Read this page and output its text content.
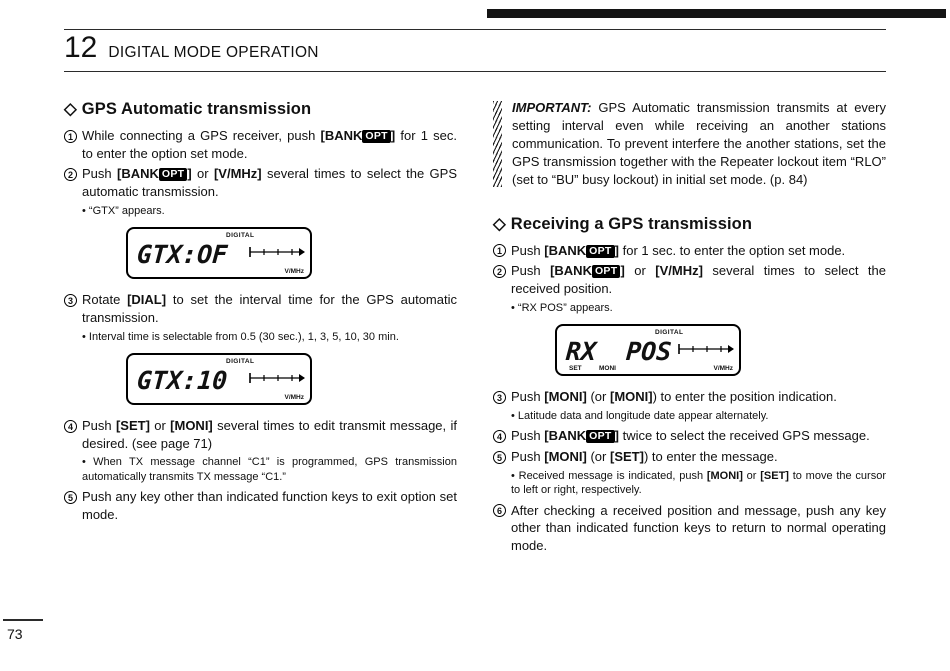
12 DIGITAL MODE OPERATION
◇ GPS Automatic transmission
1 While connecting a GPS receiver, push [BANK OPT ] for 1 sec. to enter the option set mode.
2 Push [BANK OPT ] or [V/MHz] several times to select the GPS automatic transmission.
• “GTX” appears.
DIGITAL
GTX:OF
V/MHz
3 Rotate [DIAL] to set the interval time for the GPS automatic transmission.
• Interval time is selectable from 0.5 (30 sec.), 1, 3, 5, 10, 30 min.
DIGITAL
GTX:10
V/MHz
4 Push [SET] or [MONI] several times to edit transmit message, if desired. (see page 71)
• When TX message channel “C1” is programmed, GPS transmission automatically transmits TX message “C1.”
5 Push any key other than indicated function keys to exit option set mode.
IMPORTANT: GPS Automatic transmission transmits at every setting interval even while receiving an another stations communication. To prevent interfere the another stations, set the GPS transmission together with the Repeater lockout item “RLO” (set to “BU” busy lockout) in initial set mode. (p. 84)
◇ Receiving a GPS transmission
1 Push [BANK OPT ] for 1 sec. to enter the option set mode.
2 Push [BANK OPT ] or [V/MHz] several times to select the received position.
• “RX POS” appears.
DIGITAL
RX  POS
SET	MONI	V/MHz
3 Push [MONI] (or [MONI]) to enter the position indication.
• Latitude data and longitude date appear alternately.
4 Push [BANK OPT ] twice to select the received GPS message.
5 Push [MONI] (or [SET]) to enter the message.
• Received message is indicated, push [MONI] or [SET] to move the cursor to left or right, respectively.
6 After checking a received position and message, push any key other than indicated function keys to return to normal operating mode.
73
